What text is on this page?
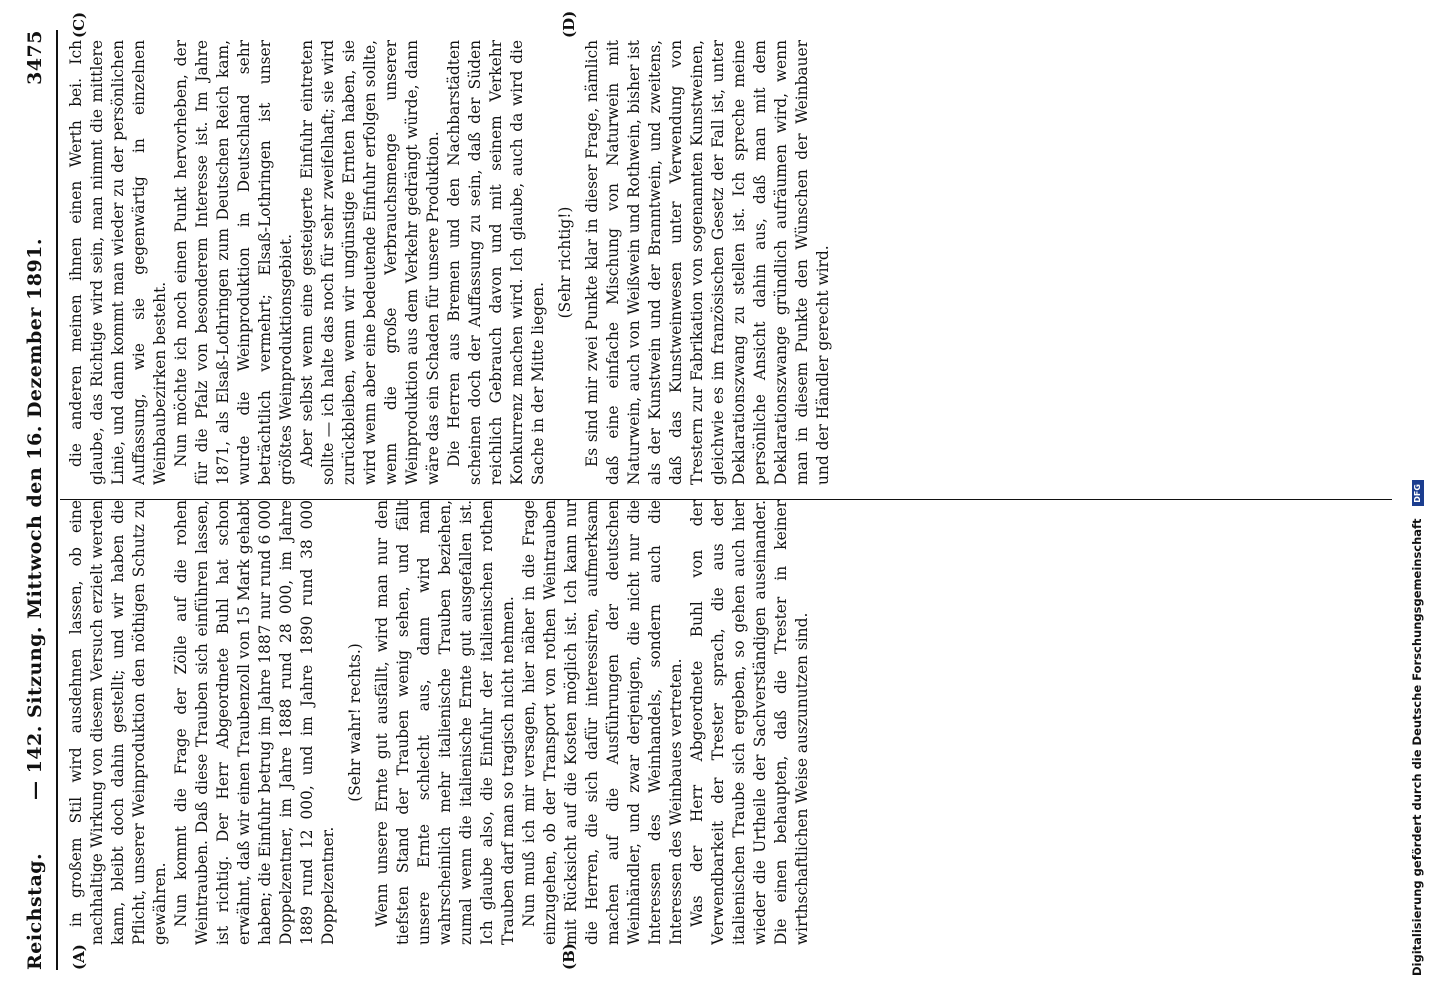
Reichstag.
— 142. Sitzung. Mittwoch den 16. Dezember 1891.
3475
(A)	(B)
(C)	(D)

in großem Stil wird ausdehnen lassen, ob eine nachhaltige Wirkung von diesem Versuch erzielt werden kann, bleibt doch dahin gestellt; und wir haben die Pflicht, unserer Weinproduktion den nöthigen Schutz zu gewähren. Nun kommt die Frage der Zölle auf die rohen Weintrauben. Daß diese Trauben sich einführen lassen, ist richtig. Der Herr Abgeordnete Buhl hat schon erwähnt, daß wir einen Traubenzoll von 15 Mark gehabt haben; die Einfuhr betrug im Jahre 1887 nur rund 6 000 Doppelzentner, im Jahre 1888 rund 28 000, im Jahre 1889 rund 12 000, und im Jahre 1890 rund 38 000 Doppelzentner.

(Sehr wahr! rechts.) Wenn unsere Ernte gut ausfällt, wird man nur den tiefsten Stand der Trauben wenig sehen, und fällt unsere Ernte schlecht aus, dann wird man wahrscheinlich mehr italienische Trauben beziehen, zumal wenn die italienische Ernte gut ausgefallen ist. Ich glaube also, die Einfuhr der italienischen rothen Trauben darf man so tragisch nicht nehmen. Nun muß ich mir versagen, hier näher in die Frage einzugehen, ob der Transport von rothen Weintrauben mit Rücksicht auf die Kosten möglich ist. Ich kann nur die Herren, die sich dafür interessiren, aufmerksam machen auf die Ausführungen der deutschen Weinhändler, und zwar derjenigen, die nicht nur die Interessen des Weinhandels, sondern auch die Interessen des Weinbaues vertreten. Was der Herr Abgeordnete Buhl von der Verwendbarkeit der Trester sprach, die aus der italienischen Traube sich ergeben, so gehen auch hier wieder die Urtheile der Sachverständigen auseinander. Die einen behaupten, daß die Trester in keiner wirthschaftlichen Weise auszunutzen sind.

die anderen meinen ihnen einen Werth bei. Ich glaube, das Richtige wird sein, man nimmt die mittlere Linie, und dann kommt man wieder zu der persönlichen Auffassung, wie sie gegenwärtig in einzelnen Weinbaubezirken besteht. Nun möchte ich noch einen Punkt hervorheben, der für die Pfalz von besonderem Interesse ist. Im Jahre 1871, als Elsaß-Lothringen zum Deutschen Reich kam, wurde die Weinproduktion in Deutschland sehr beträchtlich vermehrt; Elsaß-Lothringen ist unser größtes Weinproduktionsgebiet. Aber selbst wenn eine gesteigerte Einfuhr eintreten sollte — ich halte das noch für sehr zweifelhaft; sie wird zurückbleiben, wenn wir ungünstige Ernten haben, sie wird wenn aber eine bedeutende Einfuhr erfolgen sollte, wenn die große Verbrauchsmenge unserer Weinproduktion aus dem Verkehr gedrängt würde, dann wäre das ein Schaden für unsere Produktion. Die Herren aus Bremen und den Nachbarstädten scheinen doch der Auffassung zu sein, daß der Süden reichlich Gebrauch davon und mit seinem Verkehr Konkurrenz machen wird. Ich glaube, auch da wird die Sache in der Mitte liegen.

(Sehr richtig!) Es sind mir zwei Punkte klar in dieser Frage, nämlich daß eine einfache Mischung von Naturwein mit Naturwein, auch von Weißwein und Rothwein, bisher ist als der Kunstwein und der Branntwein, und zweitens, daß das Kunstweinwesen unter Verwendung von Trestern zur Fabrikation von sogenannten Kunstweinen, gleichwie es im französischen Gesetz der Fall ist, unter Deklarationszwang zu stellen ist. Ich spreche meine persönliche Ansicht dahin aus, daß man mit dem Deklarationszwange gründlich aufräumen wird, wenn man in diesem Punkte den Wünschen der Weinbauer und der Händler gerecht wird.

Digitalisierung gefördert durch die Deutsche Forschungsgemeinschaft DFG
